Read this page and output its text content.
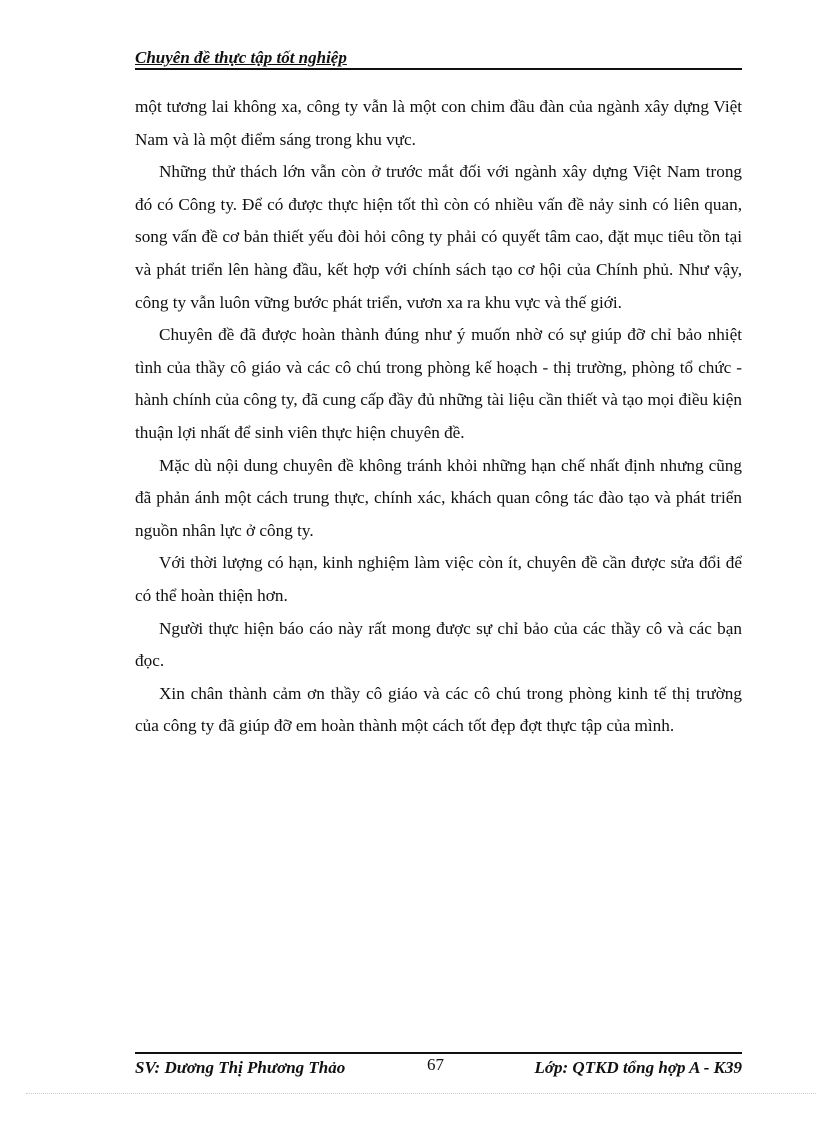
Chuyên đề thực tập tốt nghiệp

một tương lai không xa, công ty vẫn là một con chim đầu đàn của ngành xây dựng Việt Nam và là một điểm sáng trong khu vực.

Những thử thách lớn vẫn còn ở trước mắt đối với ngành xây dựng Việt Nam trong đó có Công ty. Để có được thực hiện tốt thì còn có nhiều vấn đề nảy sinh có liên quan, song vấn đề cơ bản thiết yếu đòi hỏi công ty phải có quyết tâm cao, đặt mục tiêu tồn tại và phát triển lên hàng đầu, kết hợp với chính sách tạo cơ hội của Chính phủ. Như vậy, công ty vẫn luôn vững bước phát triển, vươn xa ra khu vực và thế giới.

Chuyên đề đã được hoàn thành đúng như ý muốn nhờ có sự giúp đỡ chỉ bảo nhiệt tình của thầy cô giáo và các cô chú trong phòng kế hoạch - thị trường, phòng tổ chức - hành chính của công ty, đã cung cấp đầy đủ những tài liệu cần thiết và tạo mọi điều kiện thuận lợi nhất để sinh viên thực hiện chuyên đề.

Mặc dù nội dung chuyên đề không tránh khỏi những hạn chế nhất định nhưng cũng đã phản ánh một cách trung thực, chính xác, khách quan công tác đào tạo và phát triển nguồn nhân lực ở công ty.

Với thời lượng có hạn, kinh nghiệm làm việc còn ít, chuyên đề cần được sửa đổi để có thể hoàn thiện hơn.

Người thực hiện báo cáo này rất mong được sự chỉ bảo của các thầy cô và các bạn đọc.

Xin chân thành cảm ơn thầy cô giáo và các cô chú trong phòng kinh tế thị trường của công ty đã giúp đỡ em hoàn thành một cách tốt đẹp đợt thực tập của mình.

SV: Dương Thị Phương Thảo	67	Lớp: QTKD tổng hợp A - K39
